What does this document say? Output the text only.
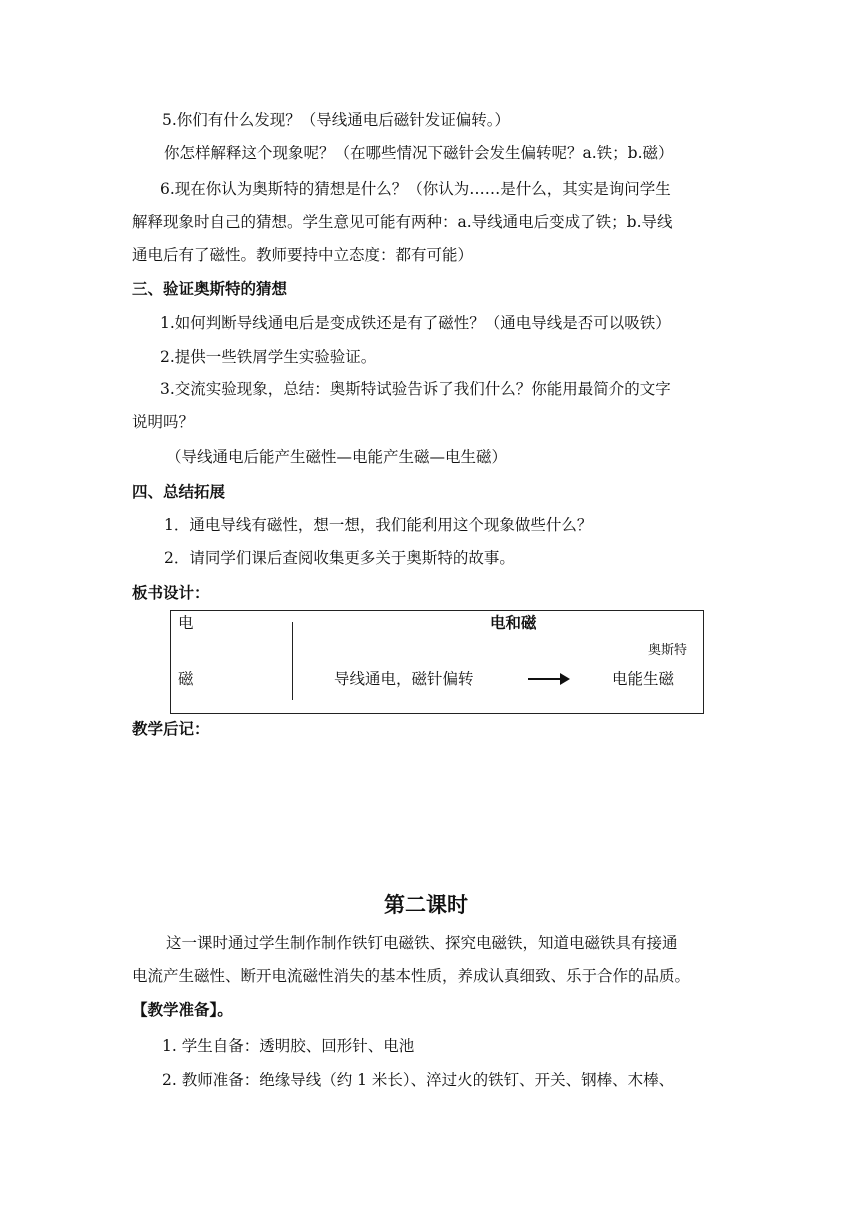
5.你们有什么发现？（导线通电后磁针发证偏转。）
你怎样解释这个现象呢？（在哪些情况下磁针会发生偏转呢？a.铁；b.磁）
6.现在你认为奥斯特的猜想是什么？（你认为……是什么，其实是询问学生
解释现象时自己的猜想。学生意见可能有两种：a.导线通电后变成了铁；b.导线
通电后有了磁性。教师要持中立态度：都有可能）
三、验证奥斯特的猜想
1.如何判断导线通电后是变成铁还是有了磁性？（通电导线是否可以吸铁）
2.提供一些铁屑学生实验验证。
3.交流实验现象，总结：奥斯特试验告诉了我们什么？你能用最简介的文字
说明吗？
（导线通电后能产生磁性—电能产生磁—电生磁）
四、总结拓展
1．通电导线有磁性，想一想，我们能利用这个现象做些什么？
2．请同学们课后查阅收集更多关于奥斯特的故事。
板书设计：
电
磁
电和磁
奥斯特
导线通电，磁针偏转	电能生磁
教学后记：
第二课时
这一课时通过学生制作制作铁钉电磁铁、探究电磁铁，知道电磁铁具有接通
电流产生磁性、断开电流磁性消失的基本性质，养成认真细致、乐于合作的品质。
【教学准备】。
1. 学生自备：透明胶、回形针、电池
2. 教师准备：绝缘导线（约 1 米长）、淬过火的铁钉、开关、钢棒、木棒、
